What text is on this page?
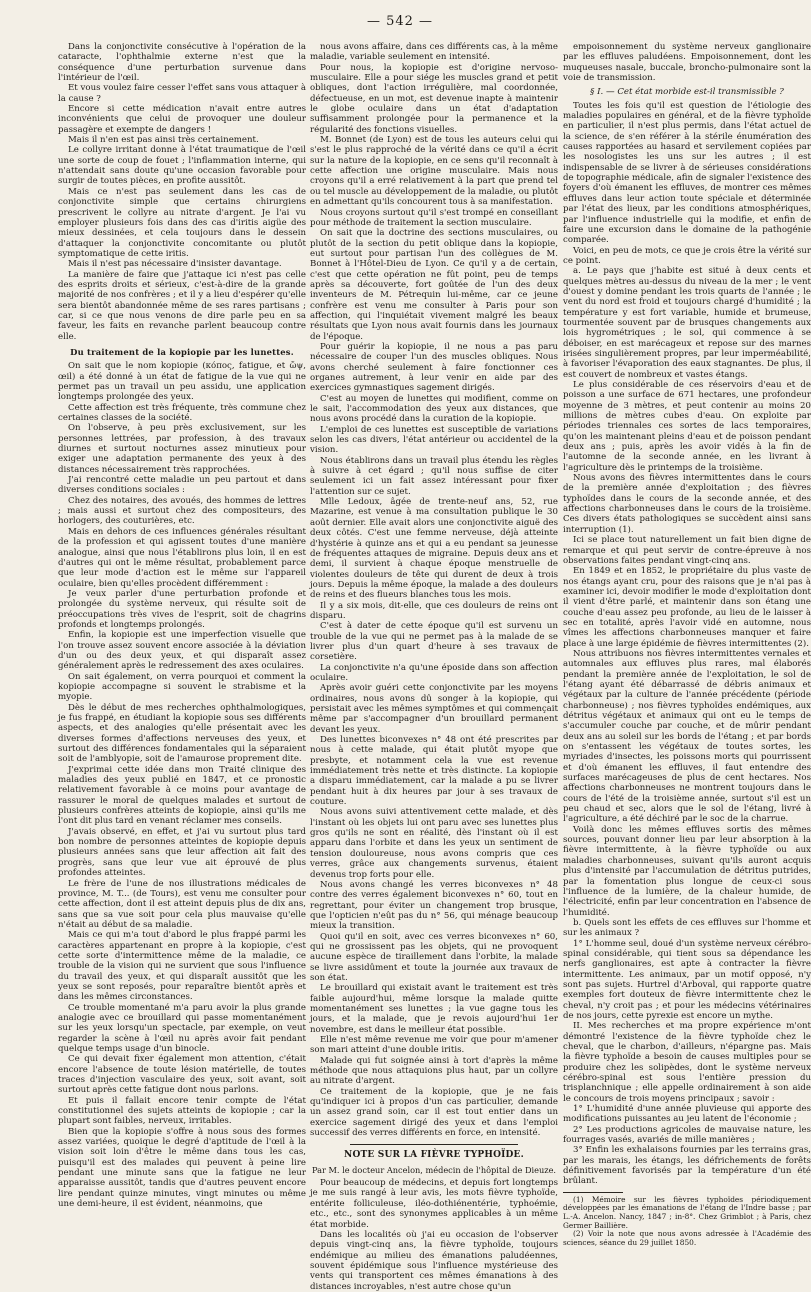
— 542 —

Dans la conjonctivite consécutive à l'opération de la cataracte, l'ophthalmie externe n'est que la conséquence d'une perturbation survenue dans l'intérieur de l'œil.

Et vous voulez faire cesser l'effet sans vous attaquer à la cause ?

Encore si cette médication n'avait entre autres inconvénients que celui de provoquer une douleur passagère et exempte de dangers !

Mais il n'en est pas ainsi très certainement.

Le collyre irritant donne à l'état traumatique de l'œil une sorte de coup de fouet ; l'inflammation interne, qui n'attendait sans doute qu'une occasion favorable pour surgir de toutes pièces, en profite aussitôt.

Mais ce n'est pas seulement dans les cas de conjonctivite simple que certains chirurgiens prescrivent le collyre au nitrate d'argent. Je l'ai vu employer plusieurs fois dans des cas d'iritis aigüe des mieux dessinées, et cela toujours dans le dessein d'attaquer la conjonctivite concomitante ou plutôt symptomatique de cette iritis.

Mais il n'est pas nécessaire d'insister davantage.

La manière de faire que j'attaque ici n'est pas celle des esprits droits et sérieux, c'est-à-dire de la grande majorité de nos confrères ; et il y a lieu d'espérer qu'elle sera bientôt abandonnée même de ses rares partisans ; car, si ce que nous venons de dire parle peu en sa faveur, les faits en revanche parlent beaucoup contre elle.

Du traitement de la kopiopie par les lunettes.

On sait que le nom kopiopie (κόπος, fatigue, et ὤψ, œil) a été donné à un état de fatigue de la vue qui ne permet pas un travail un peu assidu, une application longtemps prolongée des yeux.

Cette affection est très fréquente, très commune chez certaines classes de la société.

On l'observe, à peu près exclusivement, sur les personnes lettrées, par profession, à des travaux diurnes et surtout nocturnes assez minutieux pour exiger une adaptation permanente des yeux à des distances nécessairement très rapprochées.

J'ai rencontré cette maladie un peu partout et dans diverses conditions sociales :

Chez des notaires, des avoués, des hommes de lettres ; mais aussi et surtout chez des compositeurs, des horlogers, des couturières, etc.

Mais en dehors de ces influences générales résultant de la profession et qui agissent toutes d'une manière analogue, ainsi que nous l'établirons plus loin, il en est d'autres qui ont le même résultat, probablement parce que leur mode d'action est le même sur l'appareil oculaire, bien qu'elles procèdent différemment :

Je veux parler d'une perturbation profonde et prolongée du système nerveux, qui résulte soit de préoccupations très vives de l'esprit, soit de chagrins profonds et longtemps prolongés.

Enfin, la kopiopie est une imperfection visuelle que l'on trouve assez souvent encore associée à la déviation d'un ou des deux yeux, et qui disparaît assez généralement après le redressement des axes oculaires.

On sait également, on verra pourquoi et comment la kopiopie accompagne si souvent le strabisme et la myopie.

Dès le début de mes recherches ophthalmologiques, je fus frappé, en étudiant la kopiopie sous ses différents aspects, et des analogies qu'elle présentait avec les diverses formes d'affections nerveuses des yeux, et surtout des différences fondamentales qui la séparaient soit de l'amblyopie, soit de l'amaurose proprement dite.

J'exprimai cette idée dans mon Traité clinique des maladies des yeux publié en 1847, et ce pronostic relativement favorable à ce moins pour avantage de rassurer le moral de quelques malades et surtout de plusieurs confrères atteints de kopiopie, ainsi qu'ils me l'ont dit plus tard en venant réclamer mes conseils.

J'avais observé, en effet, et j'ai vu surtout plus tard bon nombre de personnes atteintes de kopiopie depuis plusieurs années sans que leur affection ait fait des progrès, sans que leur vue ait éprouvé de plus profondes atteintes.

Le frère de l'une de nos illustrations médicales de province, M. T... (de Tours), est venu me consulter pour cette affection, dont il est atteint depuis plus de dix ans, sans que sa vue soit pour cela plus mauvaise qu'elle n'était au début de sa maladie.

Mais ce qui m'a tout d'abord le plus frappé parmi les caractères appartenant en propre à la kopiopie, c'est cette sorte d'intermittence même de la maladie, ce trouble de la vision qui ne survient que sous l'influence du travail des yeux, et qui disparaît aussitôt que les yeux se sont reposés, pour reparaître bientôt après et dans les mêmes circonstances.

Ce trouble momentané m'a paru avoir la plus grande analogie avec ce brouillard qui passe momentanément sur les yeux lorsqu'un spectacle, par exemple, on veut regarder la scène à l'œil nu après avoir fait pendant quelque temps usage d'un binocle.

Ce qui devait fixer également mon attention, c'était encore l'absence de toute lésion matérielle, de toutes traces d'injection vasculaire des yeux, soit avant, soit surtout après cette fatigue dont nous parlons.

Et puis il fallait encore tenir compte de l'état constitutionnel des sujets atteints de kopiopie ; car la plupart sont faibles, nerveux, irritables.

Bien que la kopiopie s'offre à nous sous des formes assez variées, quoique le degré d'aptitude de l'œil à la vision soit loin d'être le même dans tous les cas, puisqu'il est des malades qui peuvent à peine lire pendant une minute sans que la fatigue ne leur apparaisse aussitôt, tandis que d'autres peuvent encore lire pendant quinze minutes, vingt minutes ou même une demi-heure, il est évident, néanmoins, que

nous avons affaire, dans ces différents cas, à la même maladie, variable seulement en intensité.

Pour nous, la kopiopie est d'origine nervoso-musculaire. Elle a pour siége les muscles grand et petit obliques, dont l'action irrégulière, mal coordonnée, défectueuse, en un mot, est devenue inapte à maintenir le globe oculaire dans un état d'adaptation suffisamment prolongée pour la permanence et la régularité des fonctions visuelles.

M. Bonnet (de Lyon) est de tous les auteurs celui qui s'est le plus rapproché de la vérité dans ce qu'il a écrit sur la nature de la kopiopie, en ce sens qu'il reconnaît à cette affection une origine musculaire. Mais nous croyons qu'il a erré relativement à la part que prend tel ou tel muscle au développement de la maladie, ou plutôt en admettant qu'ils concourent tous à sa manifestation.

Nous croyons surtout qu'il s'est trompé en conseillant pour méthode de traitement la section musculaire.

On sait que la doctrine des sections musculaires, ou plutôt de la section du petit oblique dans la kopiopie, eut surtout pour partisan l'un des collègues de M. Bonnet à l'Hôtel-Dieu de Lyon. Ce qu'il y a de certain, c'est que cette opération ne fût point, peu de temps après sa découverte, fort goûtée de l'un des deux inventeurs de M. Pétrequin lui-même, car ce jeune confrère est venu me consulter à Paris pour son affection, qui l'inquiétait vivement malgré les beaux résultats que Lyon nous avait fournis dans les journaux de l'époque.

Pour guérir la kopiopie, il ne nous a pas paru nécessaire de couper l'un des muscles obliques. Nous avons cherché seulement à faire fonctionner ces organes autrement, à leur venir en aide par des exercices gymnastiques sagement dirigés.

C'est au moyen de lunettes qui modifient, comme on le sait, l'accommodation des yeux aux distances, que nous avons procédé dans la curation de la kopiopie.

L'emploi de ces lunettes est susceptible de variations selon les cas divers, l'état antérieur ou accidentel de la vision.

Nous établirons dans un travail plus étendu les règles à suivre à cet égard ; qu'il nous suffise de citer seulement ici un fait assez intéressant pour fixer l'attention sur ce sujet.

Mlle Ledoux, âgée de trente-neuf ans, 52, rue Mazarine, est venue à ma consultation publique le 30 août dernier. Elle avait alors une conjonctivite aiguë des deux côtés. C'est une femme nerveuse, déjà atteinte d'hystérie à quinze ans et qui a eu pendant sa jeunesse de fréquentes attaques de migraine. Depuis deux ans et demi, il survient à chaque époque menstruelle de violentes douleurs de tête qui durent de deux à trois jours. Depuis la même époque, la malade a des douleurs de reins et des flueurs blanches tous les mois.

Il y a six mois, dit-elle, que ces douleurs de reins ont disparu.

C'est à dater de cette époque qu'il est survenu un trouble de la vue qui ne permet pas à la malade de se livrer plus d'un quart d'heure à ses travaux de corsetière.

La conjonctivite n'a qu'une époside dans son affection oculaire.

Après avoir guéri cette conjonctivite par les moyens ordinaires, nous avons dû songer à la kopiopie, qui persistait avec les mêmes symptômes et qui commençait même par s'accompagner d'un brouillard permanent devant les yeux.

Des lunettes biconvexes n° 48 ont été prescrites par nous à cette malade, qui était plutôt myope que presbyte, et notamment cela la vue est revenue immédiatement très nette et très distincte. La kopiopie a disparu immédiatement, car la malade a pu se livrer pendant huit à dix heures par jour à ses travaux de couture.

Nous avons suivi attentivement cette malade, et dès l'instant où les objets lui ont paru avec ses lunettes plus gros qu'ils ne sont en réalité, dès l'instant où il est apparu dans l'orbite et dans les yeux un sentiment de tension douloureuse, nous avons compris que ces verres, grâce aux changements survenus, étaient devenus trop forts pour elle.

Nous avons changé les verres biconvexes n° 48 contre des verres également biconvexes n° 60, tout en regrettant, pour éviter un changement trop brusque, que l'opticien n'eût pas du n° 56, qui ménage beaucoup mieux la transition.

Quoi qu'il en soit, avec ces verres biconvexes n° 60, qui ne grossissent pas les objets, qui ne provoquent aucune espèce de tiraillement dans l'orbite, la malade se livre assidûment et toute la journée aux travaux de son état.

Le brouillard qui existait avant le traitement est très faible aujourd'hui, même lorsque la malade quitte momentanément ses lunettes ; la vue gagne tous les jours, et la malade, que je revois aujourd'hui 1er novembre, est dans le meilleur état possible.

Elle n'est même revenue me voir que pour m'amener son mari atteint d'une double iritis.

Malade qui fut soignée ainsi à tort d'après la même méthode que nous attaquions plus haut, par un collyre au nitrate d'argent.

Ce traitement de la kopiopie, que je ne fais qu'indiquer ici à propos d'un cas particulier, demande un assez grand soin, car il est tout entier dans un exercice sagement dirigé des yeux et dans l'emploi successif des verres différents en force, en intensité.

NOTE SUR LA FIÈVRE TYPHOÏDE.

Par M. le docteur Ancelon, médecin de l'hôpital de Dieuze.

Pour beaucoup de médecins, et depuis fort longtemps je me suis rangé à leur avis, les mots fièvre typhoïde, entérite folliculeuse, iléo-dothiénentérie, typhoémie, etc., etc., sont des synonymes applicables à un même état morbide.

Dans les localités où j'ai eu occasion de l'observer depuis vingt-cinq ans, la fièvre typhoïde, toujours endémique au milieu des émanations paludéennes, souvent épidémique sous l'influence mystérieuse des vents qui transportent ces mêmes émanations à des distances incroyables, n'est autre chose qu'un

empoisonnement du système nerveux ganglionaire par les effluves paludéens. Empoisonnement, dont les muqueuses nasale, buccale, broncho-pulmonaire sont la voie de transmission.

§ I. — Cet état morbide est-il transmissible ?

Toutes les fois qu'il est question de l'étiologie des maladies populaires en général, et de la fièvre typhoïde en particulier, il n'est plus permis, dans l'état actuel de la science, de s'en référer à la stérile énumération des causes rapportées au hasard et servilement copiées par les nosologistes les uns sur les autres ; il est indispensable de se livrer à de sérieuses considérations de topographie médicale, afin de signaler l'existence des foyers d'où émanent les effluves, de montrer ces mêmes effluves dans leur action toute spéciale et déterminée par l'état des lieux, par les conditions atmosphériques, par l'influence industrielle qui la modifie, et enfin de faire une excursion dans le domaine de la pathogénie comparée.

Voici, en peu de mots, ce que je crois être la vérité sur ce point.

a. Le pays que j'habite est situé à deux cents et quelques mètres au-dessus du niveau de la mer ; le vent d'ouest y domine pendant les trois quarts de l'année ; le vent du nord est froid et toujours chargé d'humidité ; la température y est fort variable, humide et brumeuse, tourmentée souvent par de brusques changements aux lois hygrométriques ; le sol, qui commence à se déboiser, en est marécageux et repose sur des marnes irisées singulièrement propres, par leur imperméabilité, à favoriser l'évaporation des eaux stagnantes. De plus, il est couvert de nombreux et vastes étangs.

Le plus considérable de ces réservoirs d'eau et de poisson a une surface de 671 hectares, une profondeur moyenne de 3 mètres, et peut contenir au moins 20 millions de mètres cubes d'eau. On exploite par périodes triennales ces sortes de lacs temporaires, qu'on les maintenant pleins d'eau et de poisson pendant deux ans ; puis, après les avoir vidés à la fin de l'automne de la seconde année, en les livrant à l'agriculture dès le printemps de la troisième.

Nous avons des fièvres intermittentes dans le cours de la première année d'exploitation ; des fièvres typhoïdes dans le cours de la seconde année, et des affections charbonneuses dans le cours de la troisième. Ces divers états pathologiques se succèdent ainsi sans interruption (1).

Ici se place tout naturellement un fait bien digne de remarque et qui peut servir de contre-épreuve à nos observations faites pendant vingt-cinq ans.

En 1849 et en 1852, le propriétaire du plus vaste de nos étangs ayant cru, pour des raisons que je n'ai pas à examiner ici, devoir modifier le mode d'exploitation dont il vient d'être parlé, et maintenir dans son étang une couche d'eau assez peu profonde, au lieu de le laisser à sec en totalité, après l'avoir vidé en automne, nous vîmes les affections charbonneuses manquer et faire place à une large épidémie de fièvres intermittentes (2).

Nous attribuons nos fièvres intermittentes vernales et automnales aux effluves plus rares, mal élaborés pendant la première année de l'exploitation, le sol de l'étang ayant été débarrassé de débris animaux et végétaux par la culture de l'année précédente (période charbonneuse) ; nos fièvres typhoïdes endémiques, aux détritus végétaux et animaux qui ont eu le temps de s'accumuler couche par couche, et de mûrir pendant deux ans au soleil sur les bords de l'étang ; et par bords on s'entassent les végétaux de toutes sortes, les myriades d'insectes, les poissons morts qui pourrissent et d'où émanent les effluves, il faut entendre des surfaces marécageuses de plus de cent hectares. Nos affections charbonneuses ne montrent toujours dans le cours de l'été de la troisième année, surtout s'il est un peu chaud et sec, alors que le sol de l'étang, livré à l'agriculture, a été déchiré par le soc de la charrue.

Voilà donc les mêmes effluves sortis des mêmes sources, pouvant donner lieu par leur absorption à la fièvre intermittente, à la fièvre typhoïde ou aux maladies charbonneuses, suivant qu'ils auront acquis plus d'intensité par l'accumulation de détritus putrides, par la fomentation plus longue de ceux-ci sous l'influence de la lumière, de la chaleur humide, de l'électricité, enfin par leur concentration en l'absence de l'humidité.

b. Quels sont les effets de ces effluves sur l'homme et sur les animaux ?

1° L'homme seul, doué d'un système nerveux cérébro-spinal considérable, qui tient sous sa dépendance les nerfs ganglionaires, est apte à contracter la fièvre intermittente. Les animaux, par un motif opposé, n'y sont pas sujets. Hurtrel d'Arboval, qui rapporte quatre exemples fort douteux de fièvre intermittente chez le cheval, n'y croit pas ; et pour les médecins vétérinaires de nos jours, cette pyrexie est encore un mythe.

II. Mes recherches et ma propre expérience m'ont démontré l'existence de la fièvre typhoïde chez le cheval, que le charbon, d'ailleurs, n'épargne pas. Mais la fièvre typhoïde a besoin de causes multiples pour se produire chez les solipèdes, dont le système nerveux cérébro-spinal est sous l'entière pression du trisplanchnique ; elle appelle ordinairement à son aide le concours de trois moyens principaux ; savoir :

1° L'humidité d'une année pluvieuse qui apporte des modifications puissantes au jeu latent de l'économie ;

2° Les productions agricoles de mauvaise nature, les fourrages vasés, avariés de mille manières ;

3° Enfin les exhalaisons fournies par les terrains gras, par les marais, les étangs, les défrichements de forêts définitivement favorisés par la température d'un été brûlant.

(1) Mémoire sur les fièvres typhoïdes périodiquement développées par les émanations de l'étang de l'Indre basse ; par L.-A. Ancelon. Nancy, 1847 ; in-8°. Chez Grimblot ; à Paris, chez Germer Baillière.

(2) Voir la note que nous avons adressée à l'Académie des sciences, séance du 29 juillet 1850.
